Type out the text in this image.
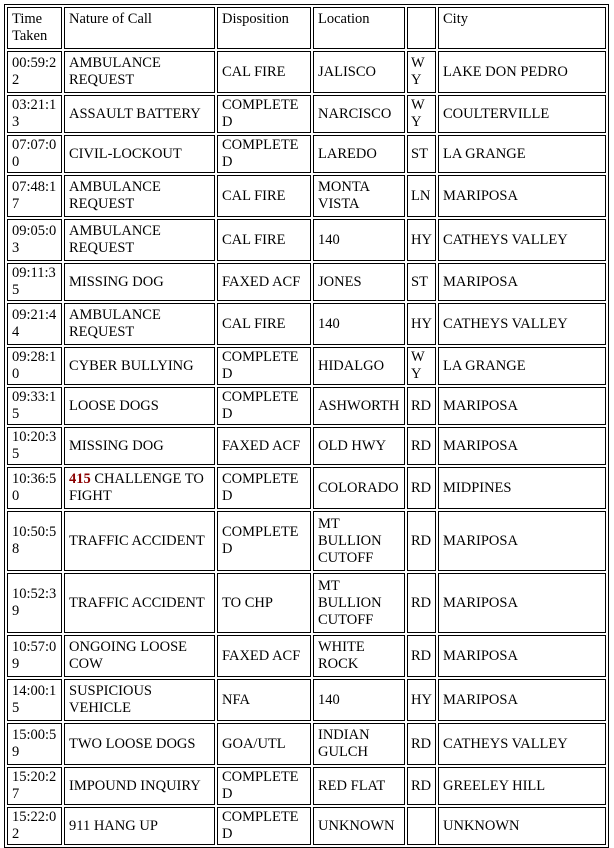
Time Taken	Nature of Call	Disposition	Location		City
00:59:22	AMBULANCE REQUEST	CAL FIRE	JALISCO	WY	LAKE DON PEDRO
03:21:13	ASSAULT BATTERY	COMPLETED	NARCISCO	WY	COULTERVILLE
07:07:00	CIVIL-LOCKOUT	COMPLETED	LAREDO	ST	LA GRANGE
07:48:17	AMBULANCE REQUEST	CAL FIRE	MONTA VISTA	LN	MARIPOSA
09:05:03	AMBULANCE REQUEST	CAL FIRE	140	HY	CATHEYS VALLEY
09:11:35	MISSING DOG	FAXED ACF	JONES	ST	MARIPOSA
09:21:44	AMBULANCE REQUEST	CAL FIRE	140	HY	CATHEYS VALLEY
09:28:10	CYBER BULLYING	COMPLETED	HIDALGO	WY	LA GRANGE
09:33:15	LOOSE DOGS	COMPLETED	ASHWORTH	RD	MARIPOSA
10:20:35	MISSING DOG	FAXED ACF	OLD HWY	RD	MARIPOSA
10:36:50	415 CHALLENGE TO FIGHT	COMPLETED	COLORADO	RD	MIDPINES
10:50:58	TRAFFIC ACCIDENT	COMPLETED	MT BULLION CUTOFF	RD	MARIPOSA
10:52:39	TRAFFIC ACCIDENT	TO CHP	MT BULLION CUTOFF	RD	MARIPOSA
10:57:09	ONGOING LOOSE COW	FAXED ACF	WHITE ROCK	RD	MARIPOSA
14:00:15	SUSPICIOUS VEHICLE	NFA	140	HY	MARIPOSA
15:00:59	TWO LOOSE DOGS	GOA/UTL	INDIAN GULCH	RD	CATHEYS VALLEY
15:20:27	IMPOUND INQUIRY	COMPLETED	RED FLAT	RD	GREELEY HILL
15:22:02	911 HANG UP	COMPLETED	UNKNOWN		UNKNOWN
